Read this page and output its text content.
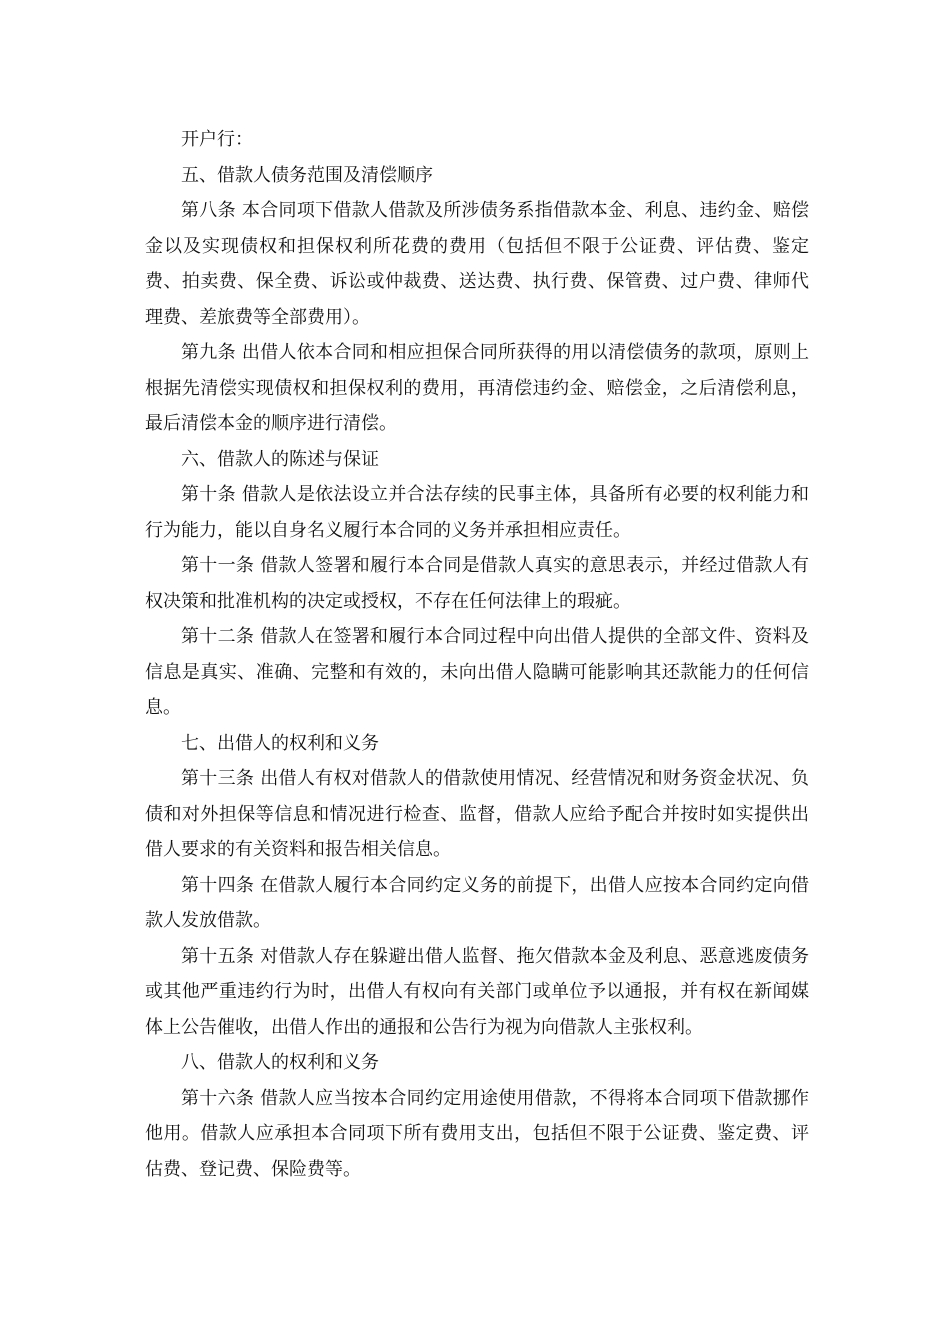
开户行：

五、借款人债务范围及清偿顺序

第八条 本合同项下借款人借款及所涉债务系指借款本金、利息、违约金、赔偿金以及实现债权和担保权利所花费的费用（包括但不限于公证费、评估费、鉴定费、拍卖费、保全费、诉讼或仲裁费、送达费、执行费、保管费、过户费、律师代理费、差旅费等全部费用）。

第九条 出借人依本合同和相应担保合同所获得的用以清偿债务的款项，原则上根据先清偿实现债权和担保权利的费用，再清偿违约金、赔偿金，之后清偿利息，最后清偿本金的顺序进行清偿。

六、借款人的陈述与保证

第十条 借款人是依法设立并合法存续的民事主体，具备所有必要的权利能力和行为能力，能以自身名义履行本合同的义务并承担相应责任。

第十一条 借款人签署和履行本合同是借款人真实的意思表示，并经过借款人有权决策和批准机构的决定或授权，不存在任何法律上的瑕疵。

第十二条 借款人在签署和履行本合同过程中向出借人提供的全部文件、资料及信息是真实、准确、完整和有效的，未向出借人隐瞒可能影响其还款能力的任何信息。

七、出借人的权利和义务

第十三条 出借人有权对借款人的借款使用情况、经营情况和财务资金状况、负债和对外担保等信息和情况进行检查、监督，借款人应给予配合并按时如实提供出借人要求的有关资料和报告相关信息。

第十四条 在借款人履行本合同约定义务的前提下，出借人应按本合同约定向借款人发放借款。

第十五条 对借款人存在躲避出借人监督、拖欠借款本金及利息、恶意逃废债务或其他严重违约行为时，出借人有权向有关部门或单位予以通报，并有权在新闻媒体上公告催收，出借人作出的通报和公告行为视为向借款人主张权利。

八、借款人的权利和义务

第十六条 借款人应当按本合同约定用途使用借款，不得将本合同项下借款挪作他用。借款人应承担本合同项下所有费用支出，包括但不限于公证费、鉴定费、评估费、登记费、保险费等。
